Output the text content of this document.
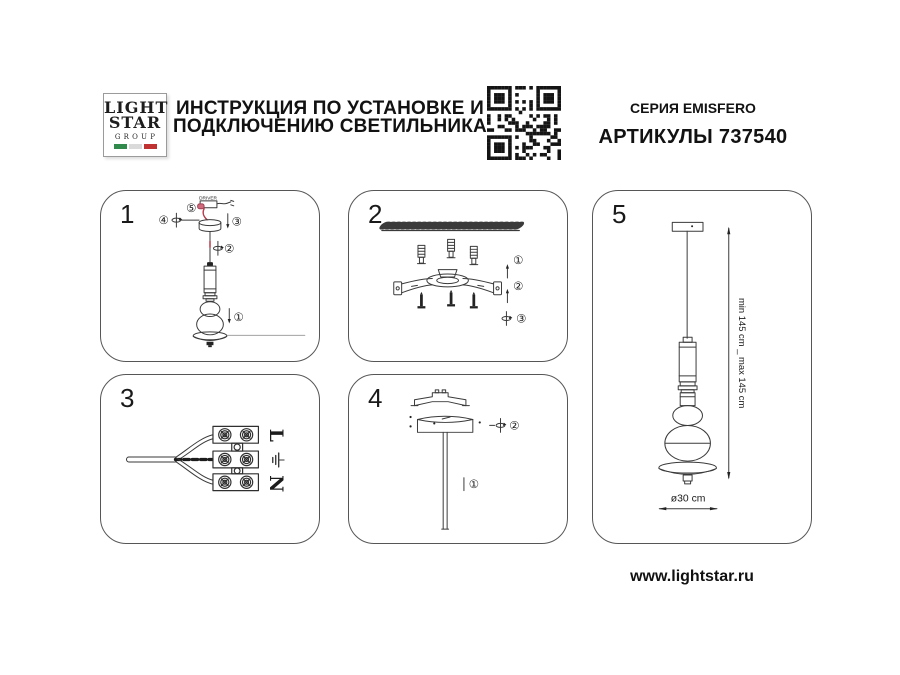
LIGHT
STAR
GROUP
ИНСТРУКЦИЯ ПО УСТАНОВКЕ И
ПОДКЛЮЧЕНИЮ СВЕТИЛЬНИКА
СЕРИЯ EMISFERO
АРТИКУЛЫ 737540
1
DRIVER
⑤
④	③
②
①
2
①
②
③
3
L
N
4
②
①
5
min 145 cm _ max 145 cm
ø30 cm
www.lightstar.ru
